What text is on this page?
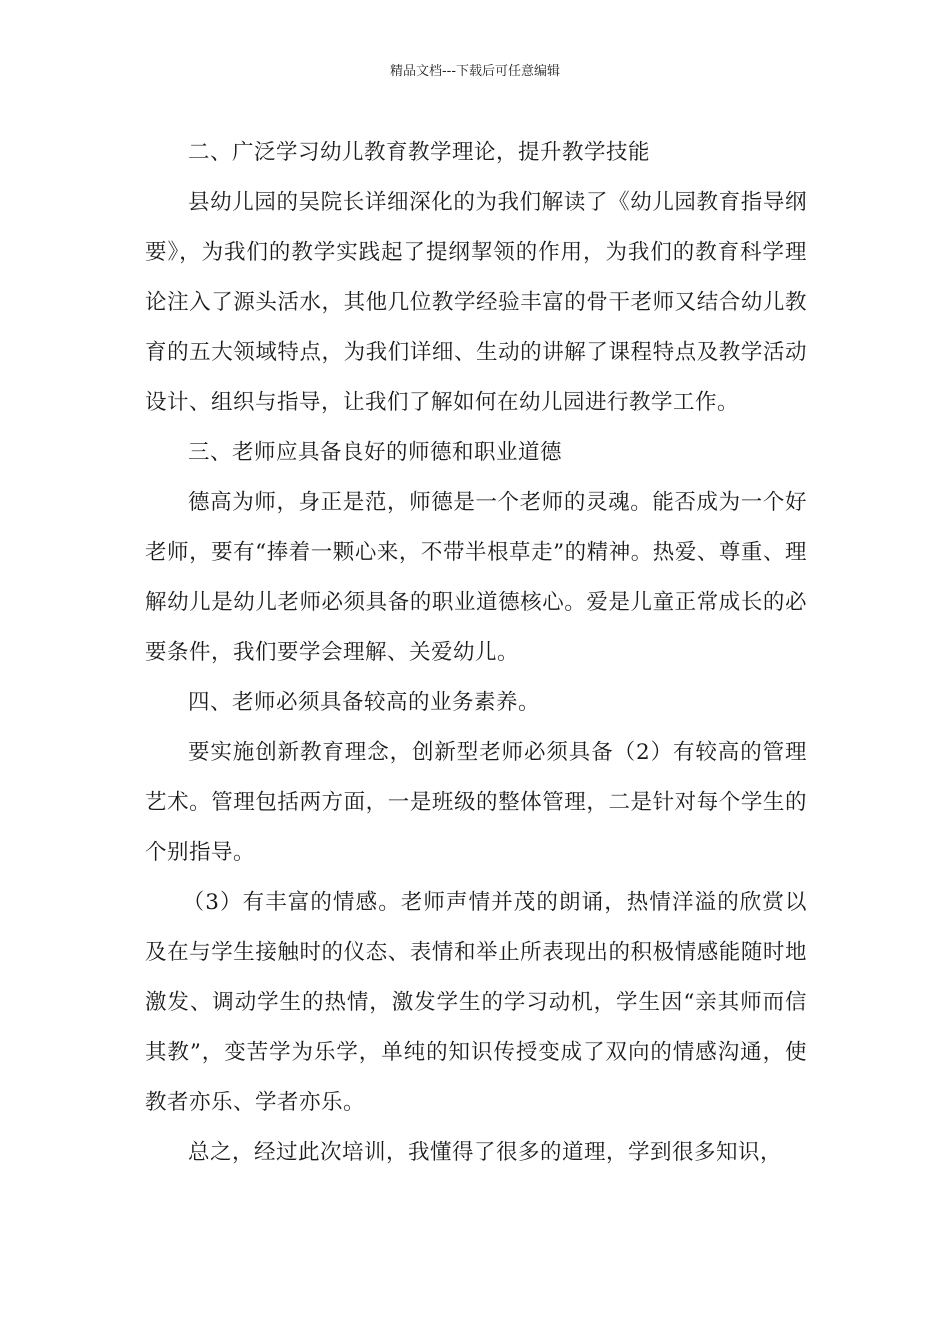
精品文档---下载后可任意编辑

二、广泛学习幼儿教育教学理论，提升教学技能

县幼儿园的吴院长详细深化的为我们解读了《幼儿园教育指导纲要》，为我们的教学实践起了提纲挈领的作用，为我们的教育科学理论注入了源头活水，其他几位教学经验丰富的骨干老师又结合幼儿教育的五大领域特点，为我们详细、生动的讲解了课程特点及教学活动设计、组织与指导，让我们了解如何在幼儿园进行教学工作。

三、老师应具备良好的师德和职业道德

德高为师，身正是范，师德是一个老师的灵魂。能否成为一个好老师，要有“捧着一颗心来，不带半根草走”的精神。热爱、尊重、理解幼儿是幼儿老师必须具备的职业道德核心。爱是儿童正常成长的必要条件，我们要学会理解、关爱幼儿。

四、老师必须具备较高的业务素养。

要实施创新教育理念，创新型老师必须具备（2）有较高的管理艺术。管理包括两方面，一是班级的整体管理，二是针对每个学生的个别指导。

（3）有丰富的情感。老师声情并茂的朗诵，热情洋溢的欣赏以及在与学生接触时的仪态、表情和举止所表现出的积极情感能随时地激发、调动学生的热情，激发学生的学习动机，学生因“亲其师而信其教”，变苦学为乐学，单纯的知识传授变成了双向的情感沟通，使教者亦乐、学者亦乐。

总之，经过此次培训，我懂得了很多的道理，学到很多知识，
